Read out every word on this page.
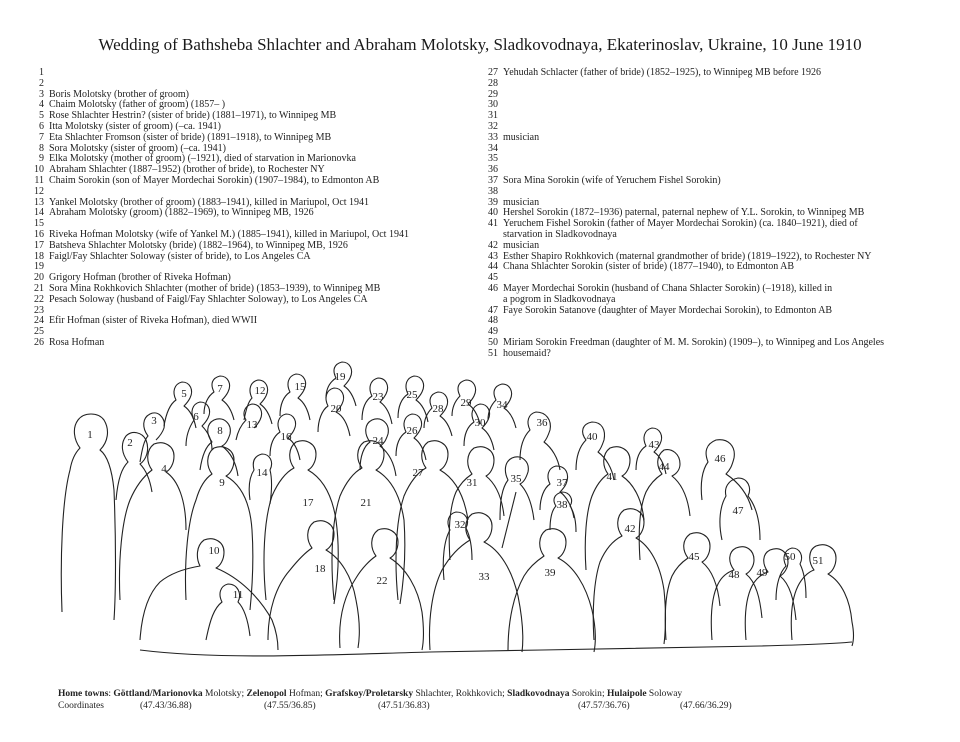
Wedding of Bathsheba Shlachter and Abraham Molotsky, Sladkovodnaya, Ekaterinoslav, Ukraine, 10 June 1910
1
2
3 Boris Molotsky (brother of groom)
4 Chaim Molotsky (father of groom) (1857– )
5 Rose Shlachter Hestrin? (sister of bride) (1881–1971), to Winnipeg MB
6 Itta Molotsky (sister of groom) (–ca. 1941)
7 Eta Shlachter Fromson (sister of bride) (1891–1918), to Winnipeg MB
8 Sora Molotsky (sister of groom) (–ca. 1941)
9 Elka Molotsky (mother of groom) (–1921), died of starvation in Marionovka
10 Abraham Shlachter (1887–1952) (brother of bride), to Rochester NY
11 Chaim Sorokin (son of Mayer Mordechai Sorokin) (1907–1984), to Edmonton AB
12
13 Yankel Molotsky (brother of groom) (1883–1941), killed in Mariupol, Oct 1941
14 Abraham Molotsky (groom) (1882–1969), to Winnipeg MB, 1926
15
16 Riveka Hofman Molotsky (wife of Yankel M.) (1885–1941), killed in Mariupol, Oct 1941
17 Batsheva Shlachter Molotsky (bride) (1882–1964), to Winnipeg MB, 1926
18 Faigl/Fay Shlachter Soloway (sister of bride), to Los Angeles CA
19
20 Grigory Hofman (brother of Riveka Hofman)
21 Sora Mina Rokhkovich Shlachter (mother of bride) (1853–1939), to Winnipeg MB
22 Pesach Soloway (husband of Faigl/Fay Shlachter Soloway), to Los Angeles CA
23
24 Efir Hofman (sister of Riveka Hofman), died WWII
25
26 Rosa Hofman
27 Yehudah Schlacter (father of bride) (1852–1925), to Winnipeg MB before 1926
28
29
30
31
32
33 musician
34
35
36
37 Sora Mina Sorokin (wife of Yeruchem Fishel Sorokin)
38
39 musician
40 Hershel Sorokin (1872–1936) paternal, paternal nephew of Y.L. Sorokin, to Winnipeg MB
41 Yeruchem Fishel Sorokin (father of Mayer Mordechai Sorokin) (ca. 1840–1921), died of
starvation in Sladkovodnaya
42 musician
43 Esther Shapiro Rokhkovich (maternal grandmother of bride) (1819–1922), to Rochester NY
44 Chana Shlachter Sorokin (sister of bride) (1877–1940), to Edmonton AB
45
46 Mayer Mordechai Sorokin (husband of Chana Shlacter Sorokin) (–1918), killed in
a pogrom in Sladkovodnaya
47 Faye Sorokin Satanove (daughter of Mayer Mordechai Sorokin), to Edmonton AB
48
49
50 Miriam Sorokin Freedman (daughter of M. M. Sorokin) (1909–), to Winnipeg and Los Angeles
51 housemaid?
1
2
3
4
5
6
7
8
9
10
11
12
13
14
15
16
17
18
19
20
21
22
23
24
25
26
27
28 29
30
31
32
33
34
35
36
37
38
39
40
41
42
43
44
45
46
47
48 49
50 51
Home towns: Göttland/Marionovka Molotsky; Zelenopol Hofman; Grafskoy/Proletarsky Shlachter, Rokhkovich; Sladkovodnaya Sorokin; Hulaipole Soloway
Coordinates	(47.43/36.88)	(47.55/36.85)	(47.51/36.83)	(47.57/36.76)	(47.66/36.29)
